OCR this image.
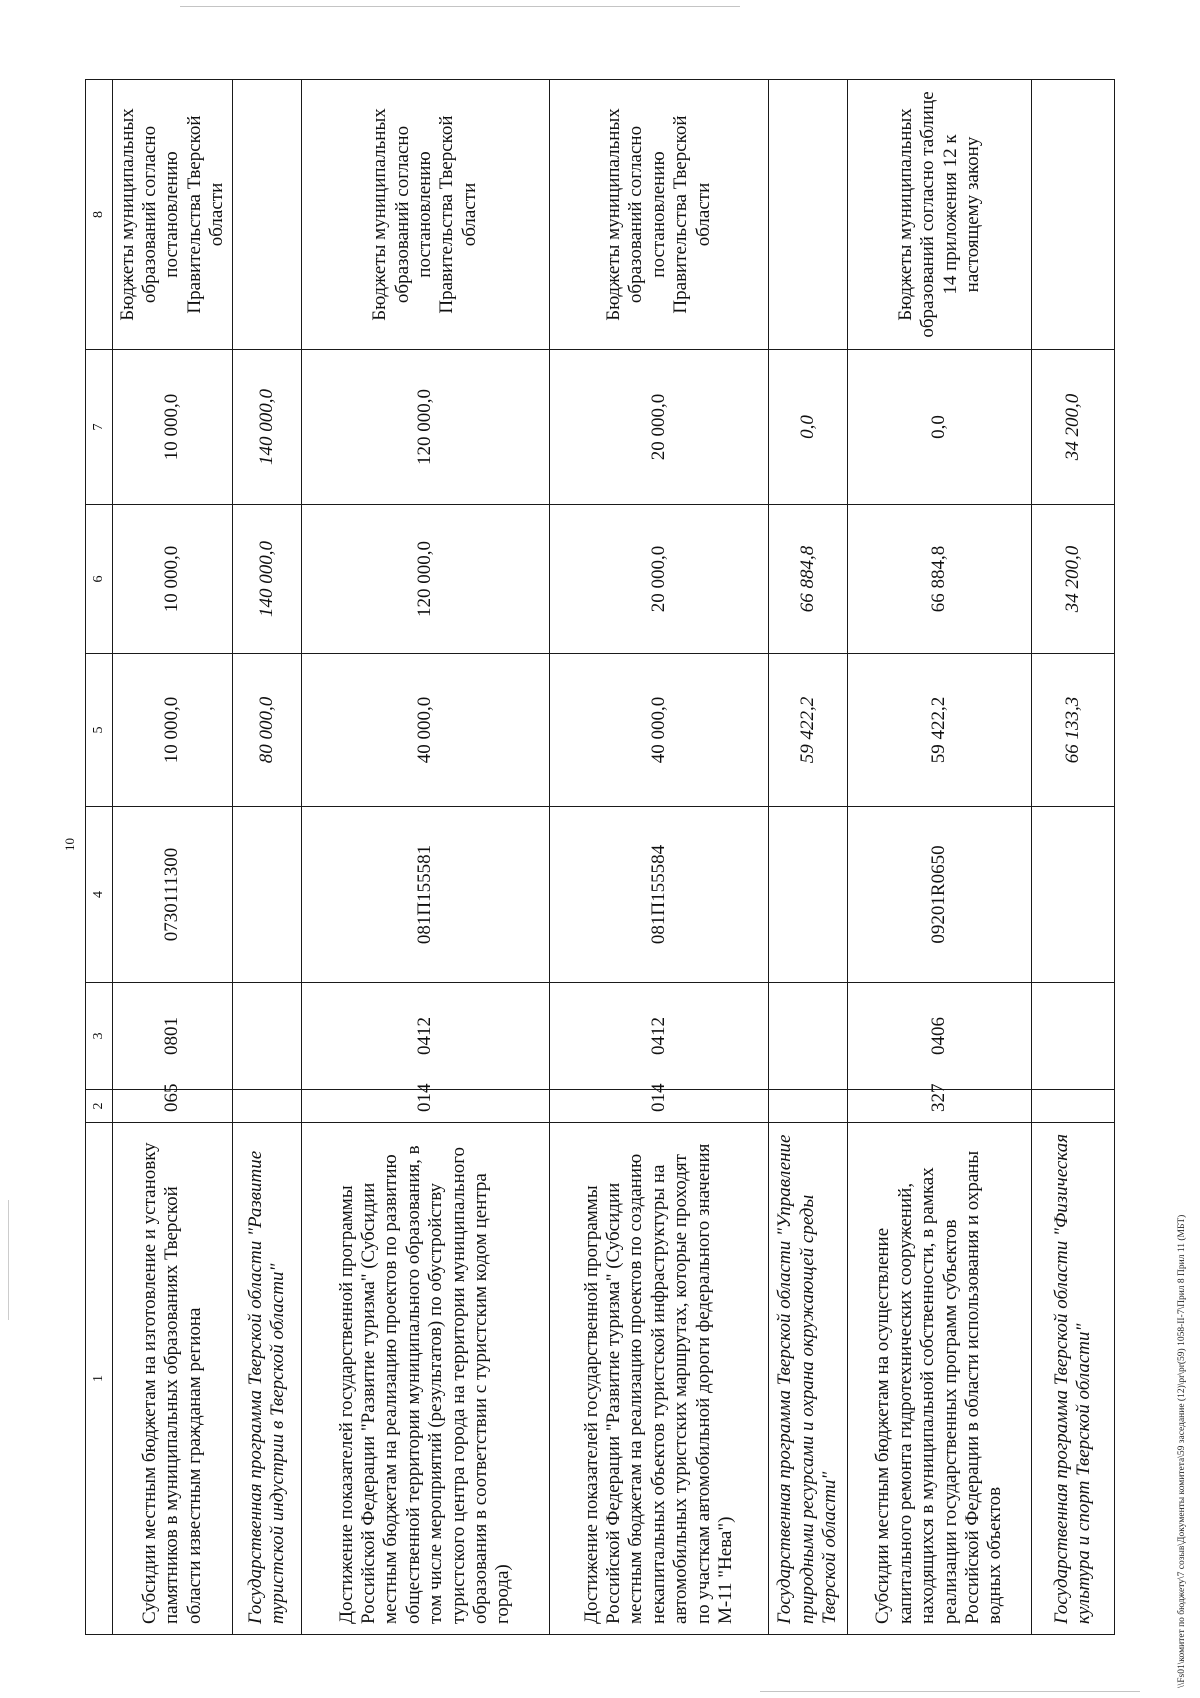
10
1	2	3	4	5	6	7	8
Субсидии местным бюджетам на изготовление и установку памятников в муниципальных образованиях Тверской области известным гражданам региона	065	0801	0730111300	10 000,0	10 000,0	10 000,0	Бюджеты муниципальных образований согласно постановлению Правительства Тверской области
Государственная программа Тверской области "Развитие туристской индустрии в Тверской области"				80 000,0	140 000,0	140 000,0	
Достижение показателей государственной программы Российской Федерации "Развитие туризма" (Субсидии местным бюджетам на реализацию проектов по развитию общественной территории муниципального образования, в том числе мероприятий (результатов) по обустройству туристского центра города на территории муниципального образования в соответствии с туристским кодом центра города)	014	0412	081П155581	40 000,0	120 000,0	120 000,0	Бюджеты муниципальных образований согласно постановлению Правительства Тверской области
Достижение показателей государственной программы Российской Федерации "Развитие туризма" (Субсидии местным бюджетам на реализацию проектов по созданию некапитальных объектов туристской инфраструктуры на автомобильных туристских маршрутах, которые проходят по участкам автомобильной дороги федерального значения М-11 "Нева")	014	0412	081П155584	40 000,0	20 000,0	20 000,0	Бюджеты муниципальных образований согласно постановлению Правительства Тверской области
Государственная программа Тверской области "Управление природными ресурсами и охрана окружающей среды Тверской области"				59 422,2	66 884,8	0,0	
Субсидии местным бюджетам на осуществление капитального ремонта гидротехнических сооружений, находящихся в муниципальной собственности, в рамках реализации государственных программ субъектов Российской Федерации в области использования и охраны водных объектов	327	0406	09201R0650	59 422,2	66 884,8	0,0	Бюджеты муниципальных образований согласно таблице 14 приложения 12 к настоящему закону
Государственная программа Тверской области "Физическая культура и спорт Тверской области"				66 133,3	34 200,0	34 200,0	
\\Fs01\комитет по бюджету\7 созыв\Документы комитета\59 заседание (12)\pr\pr(59) 1058-II-7\Прил 8 Прил 11 (МБТ)
